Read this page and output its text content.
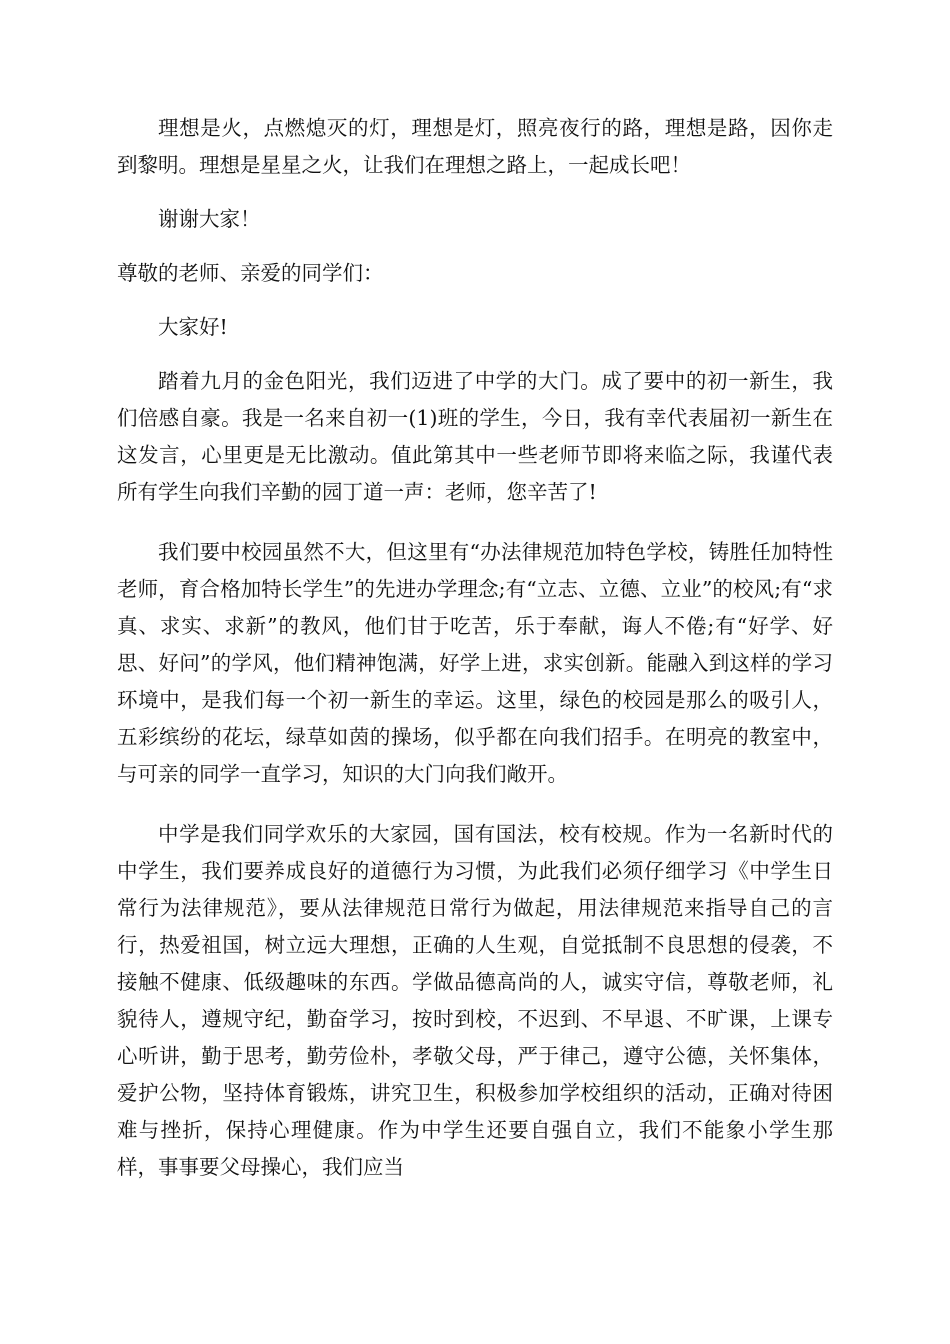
理想是火，点燃熄灭的灯，理想是灯，照亮夜行的路，理想是路，因你走到黎明。理想是星星之火，让我们在理想之路上，一起成长吧！

谢谢大家！

尊敬的老师、亲爱的同学们：

大家好!

踏着九月的金色阳光，我们迈进了中学的大门。成了要中的初一新生，我们倍感自豪。我是一名来自初一(1)班的学生，今日，我有幸代表届初一新生在这发言，心里更是无比激动。值此第其中一些老师节即将来临之际，我谨代表所有学生向我们辛勤的园丁道一声：老师，您辛苦了!

我们要中校园虽然不大，但这里有“办法律规范加特色学校，铸胜任加特性老师，育合格加特长学生”的先进办学理念;有“立志、立德、立业”的校风;有“求真、求实、求新”的教风，他们甘于吃苦，乐于奉献，诲人不倦;有“好学、好思、好问”的学风，他们精神饱满，好学上进，求实创新。能融入到这样的学习环境中，是我们每一个初一新生的幸运。这里，绿色的校园是那么的吸引人，五彩缤纷的花坛，绿草如茵的操场，似乎都在向我们招手。在明亮的教室中，与可亲的同学一直学习，知识的大门向我们敞开。

中学是我们同学欢乐的大家园，国有国法，校有校规。作为一名新时代的中学生，我们要养成良好的道德行为习惯，为此我们必须仔细学习《中学生日常行为法律规范》，要从法律规范日常行为做起，用法律规范来指导自己的言行，热爱祖国，树立远大理想，正确的人生观，自觉抵制不良思想的侵袭，不接触不健康、低级趣味的东西。学做品德高尚的人，诚实守信，尊敬老师，礼貌待人，遵规守纪，勤奋学习，按时到校，不迟到、不早退、不旷课，上课专心听讲，勤于思考，勤劳俭朴，孝敬父母，严于律己，遵守公德，关怀集体，爱护公物，坚持体育锻炼，讲究卫生，积极参加学校组织的活动，正确对待困难与挫折，保持心理健康。作为中学生还要自强自立，我们不能象小学生那样，事事要父母操心，我们应当
